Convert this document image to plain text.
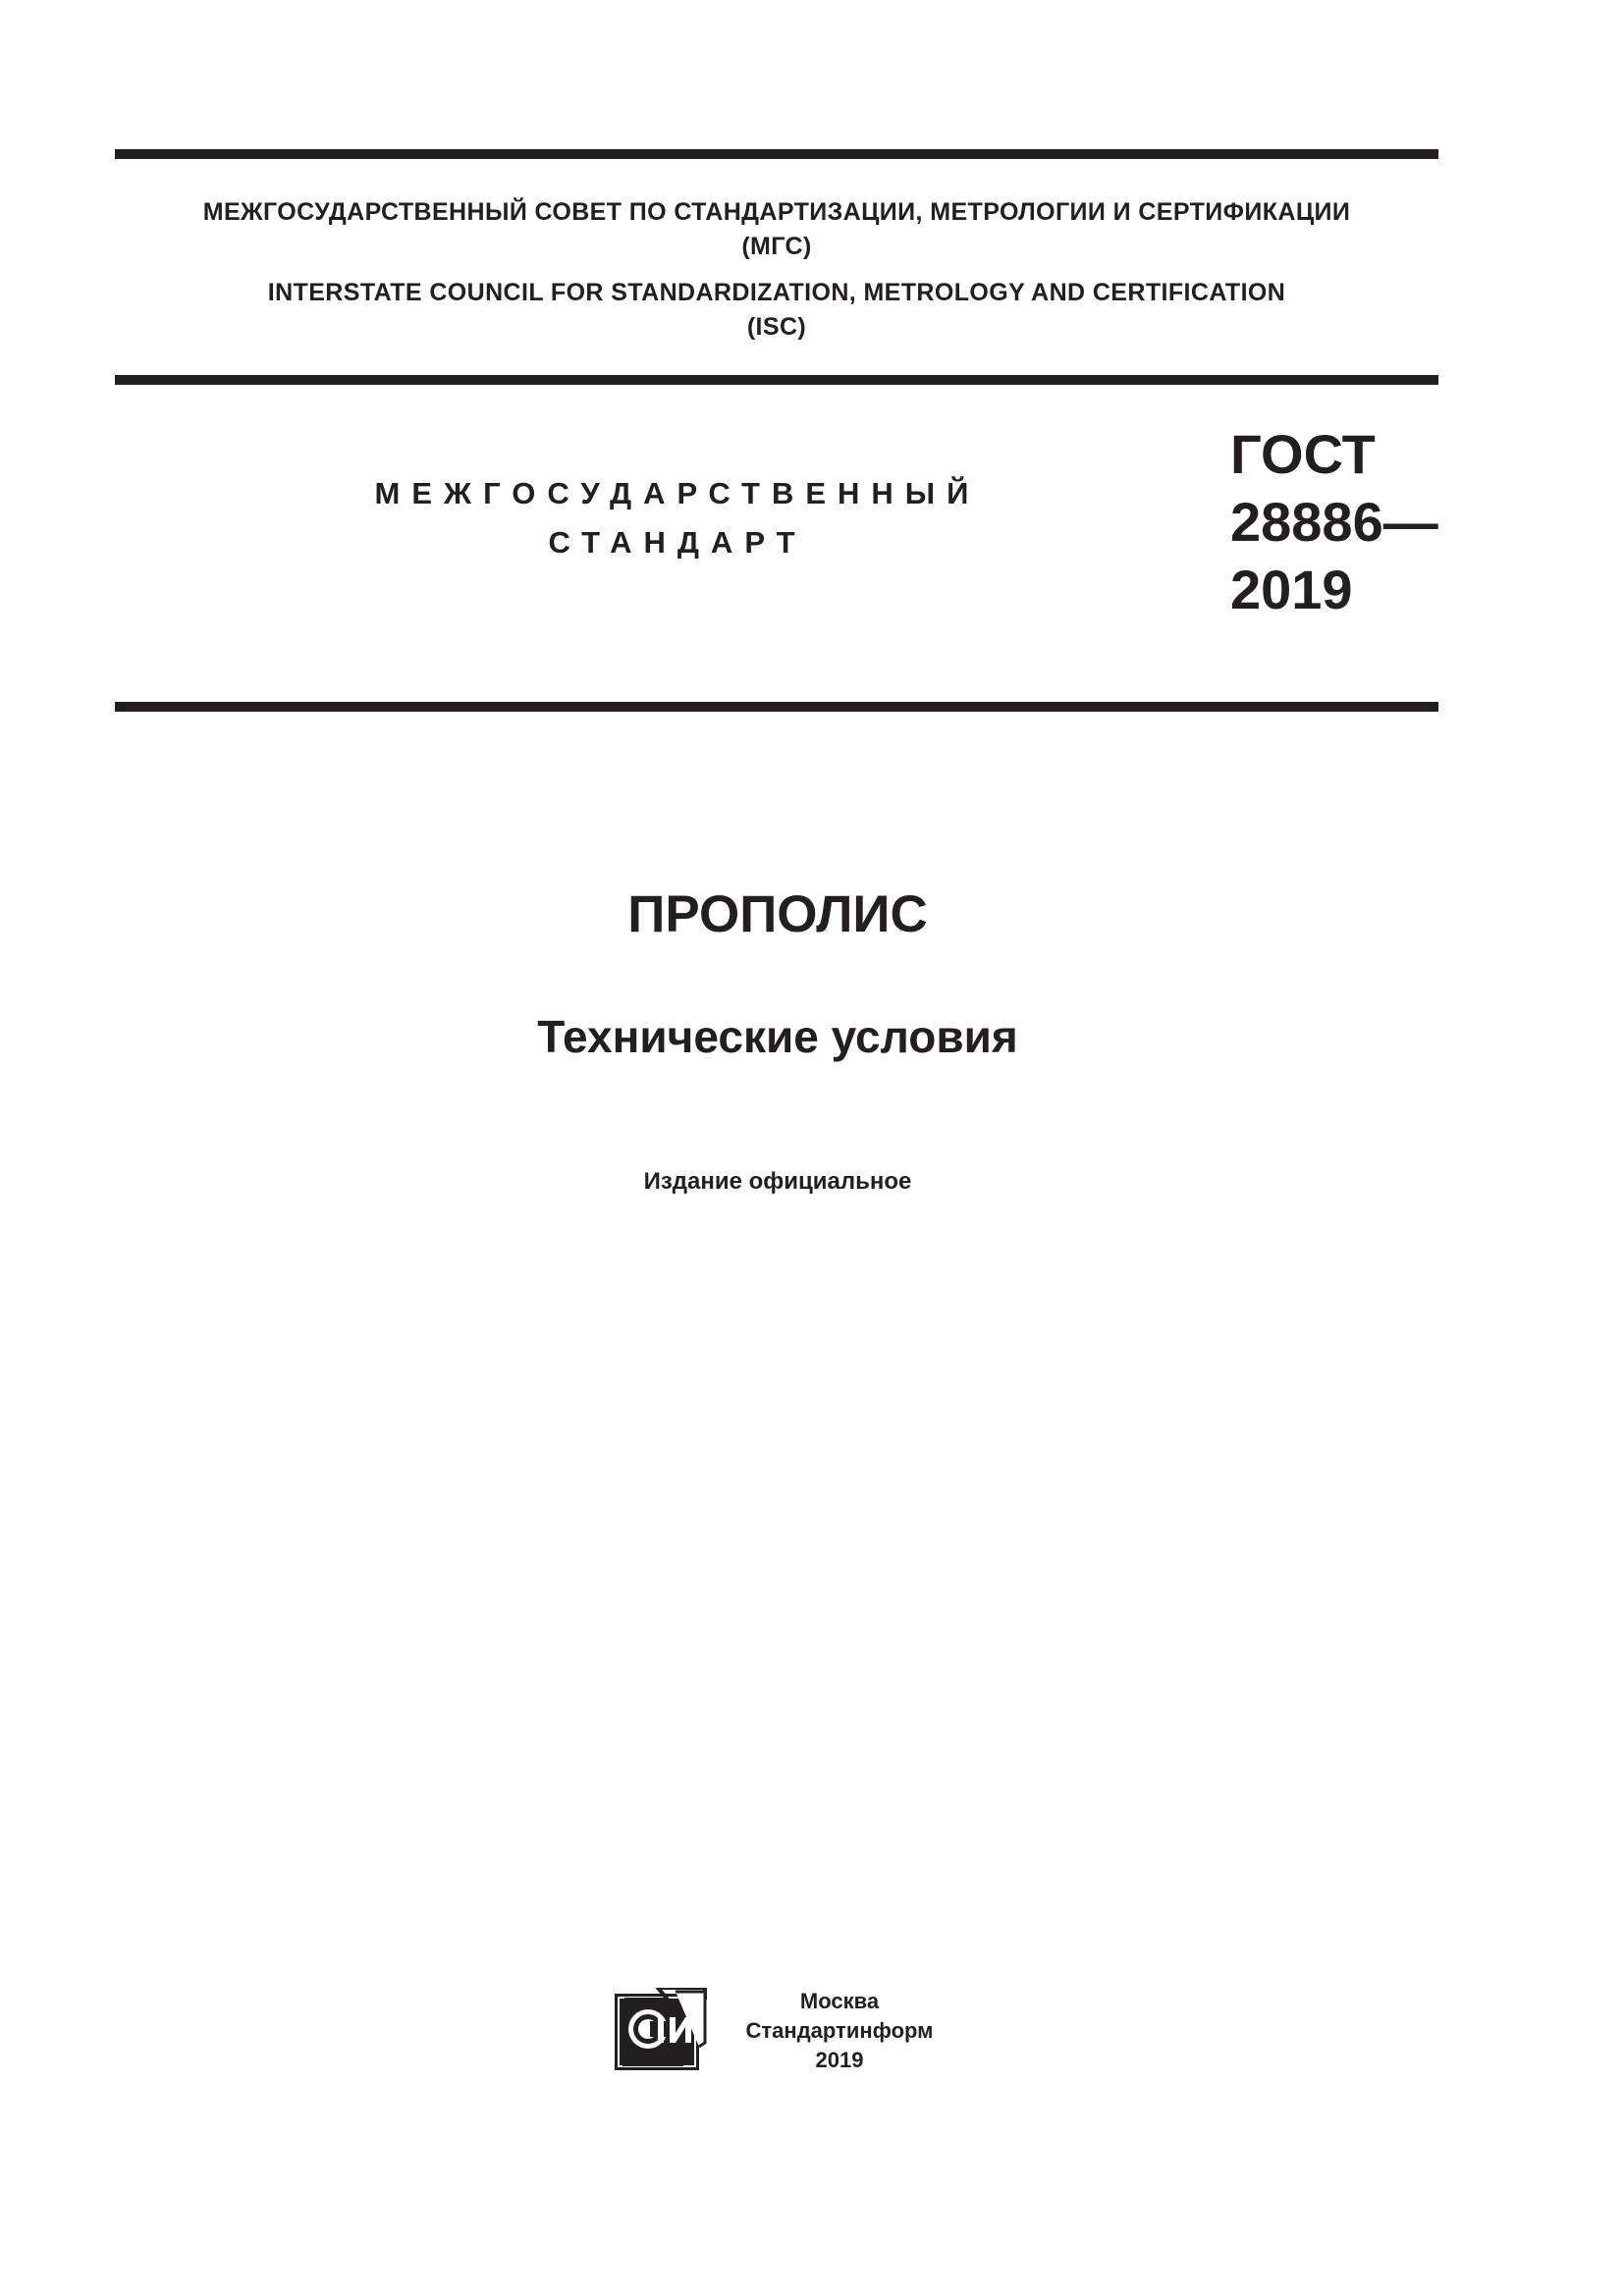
МЕЖГОСУДАРСТВЕННЫЙ СОВЕТ ПО СТАНДАРТИЗАЦИИ, МЕТРОЛОГИИ И СЕРТИФИКАЦИИ
(МГС)
INTERSTATE COUNCIL FOR STANDARDIZATION, METROLOGY AND CERTIFICATION
(ISC)
МЕЖГОСУДАРСТВЕННЫЙ
СТАНДАРТ
ГОСТ
28886—
2019
ПРОПОЛИС
Технические условия
Издание официальное
Москва
Стандартинформ
2019
